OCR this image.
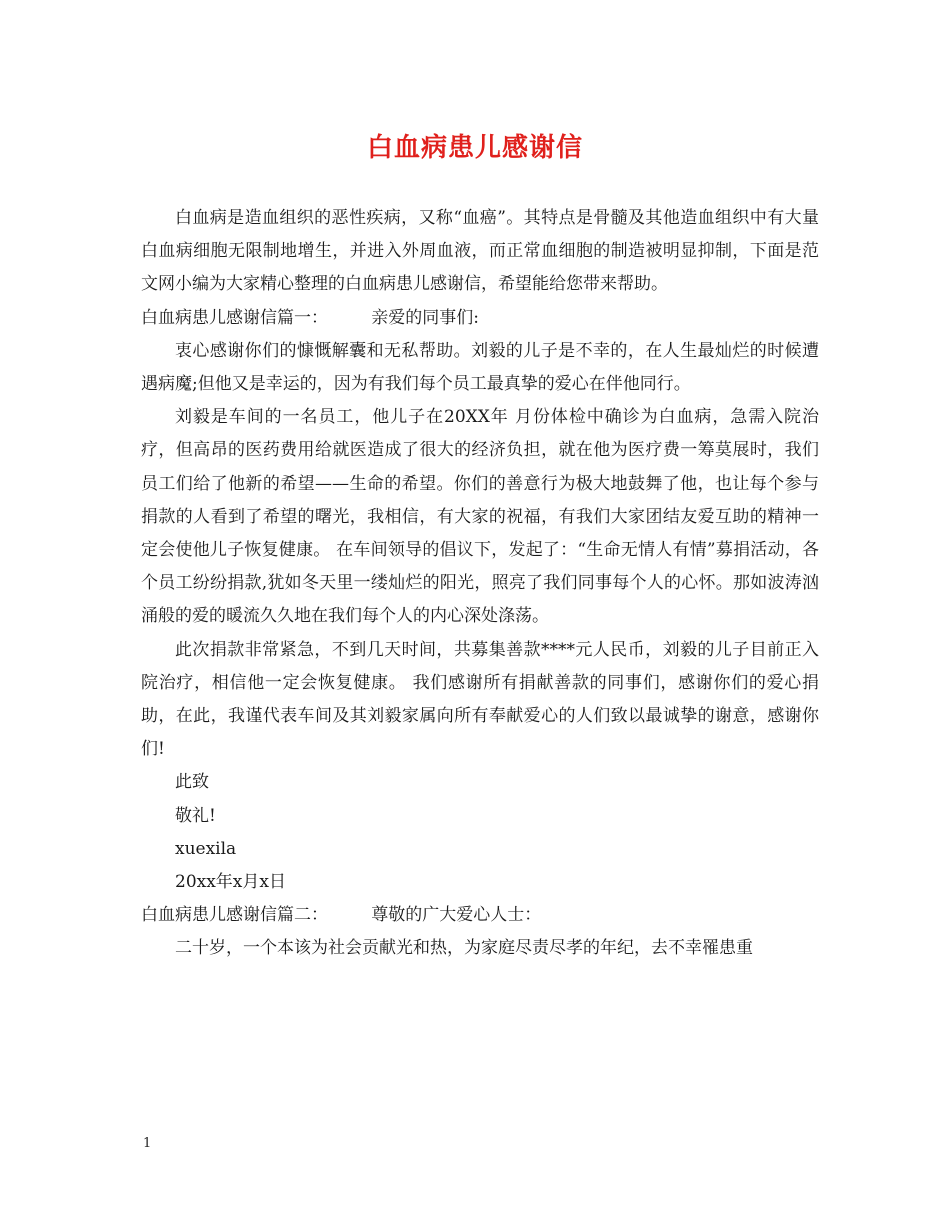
白血病患儿感谢信

白血病是造血组织的恶性疾病，又称“血癌”。其特点是骨髓及其他造血组织中有大量白血病细胞无限制地增生，并进入外周血液，而正常血细胞的制造被明显抑制，下面是范文网小编为大家精心整理的白血病患儿感谢信，希望能给您带来帮助。

白血病患儿感谢信篇一：        亲爱的同事们:

衷心感谢你们的慷慨解囊和无私帮助。刘毅的儿子是不幸的，在人生最灿烂的时候遭遇病魔;但他又是幸运的，因为有我们每个员工最真挚的爱心在伴他同行。

刘毅是车间的一名员工，他儿子在20XX年 月份体检中确诊为白血病，急需入院治疗，但高昂的医药费用给就医造成了很大的经济负担，就在他为医疗费一筹莫展时，我们员工们给了他新的希望——生命的希望。你们的善意行为极大地鼓舞了他，也让每个参与捐款的人看到了希望的曙光，我相信，有大家的祝福，有我们大家团结友爱互助的精神一定会使他儿子恢复健康。 在车间领导的倡议下，发起了：“生命无情人有情”募捐活动，各个员工纷纷捐款,犹如冬天里一缕灿烂的阳光，照亮了我们同事每个人的心怀。那如波涛汹涌般的爱的暖流久久地在我们每个人的内心深处涤荡。

此次捐款非常紧急，不到几天时间，共募集善款****元人民币，刘毅的儿子目前正入院治疗，相信他一定会恢复健康。 我们感谢所有捐献善款的同事们，感谢你们的爱心捐助，在此，我谨代表车间及其刘毅家属向所有奉献爱心的人们致以最诚挚的谢意，感谢你们!

此致

敬礼!

xuexila

20xx年x月x日

白血病患儿感谢信篇二：        尊敬的广大爱心人士：

二十岁，一个本该为社会贡献光和热，为家庭尽责尽孝的年纪，去不幸罹患重

1
